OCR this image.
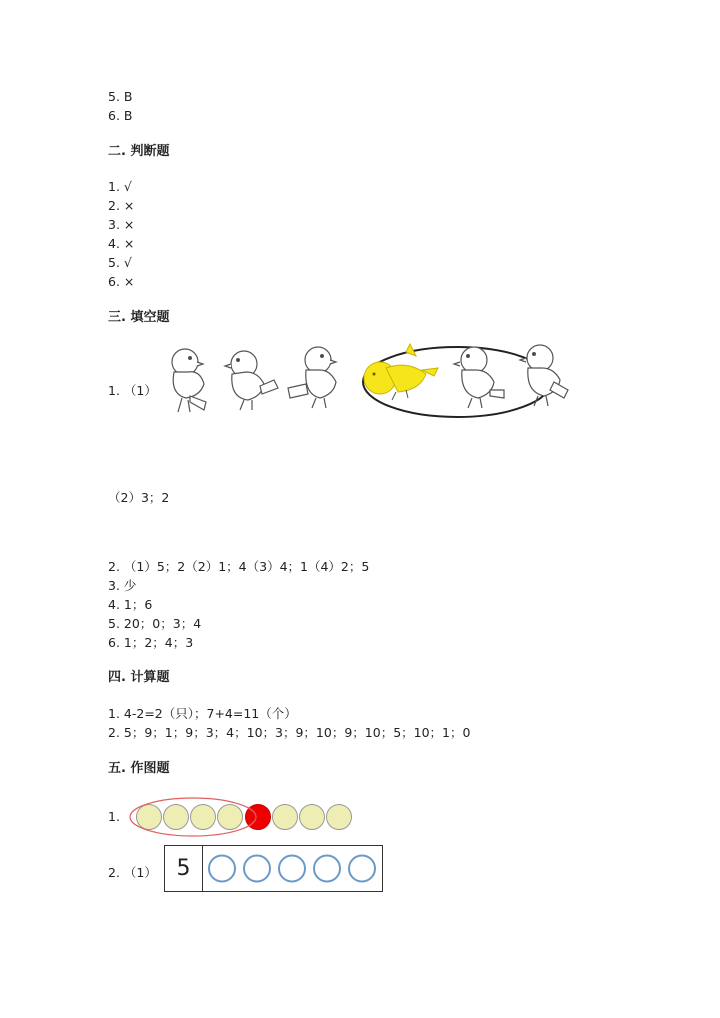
5. B
6. B
二. 判断题
1. √
2. ×
3. ×
4. ×
5. √
6. ×
三. 填空题
1. （1）
（2）3；2
2. （1）5；2（2）1；4（3）4；1（4）2；5
3. 少
4. 1；6
5. 20；0；3；4
6. 1；2；4；3
四. 计算题
1. 4-2=2（只）；7+4=11（个）
2. 5；9；1；9；3；4；10；3；9；10；9；10；5；10；1；0
五. 作图题
1.
2. （1） 5
